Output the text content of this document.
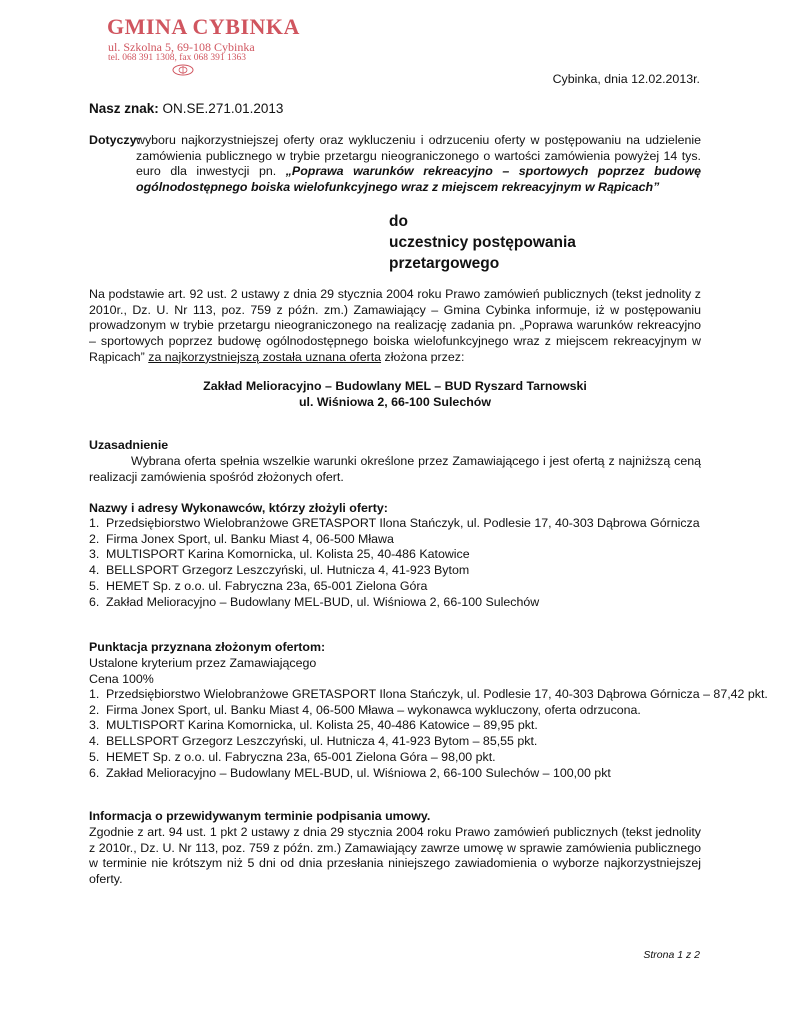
GMINA CYBINKA
ul. Szkolna 5, 69-108 Cybinka
tel. 068 391 1308, fax 068 391 1363
Cybinka, dnia 12.02.2013r.
Nasz znak: ON.SE.271.01.2013
Dotyczy:
wyboru najkorzystniejszej oferty oraz wykluczeniu i odrzuceniu oferty w postępowaniu na udzielenie zamówienia publicznego w trybie przetargu nieograniczonego o wartości zamówienia powyżej 14 tys. euro dla inwestycji pn. „Poprawa warunków rekreacyjno – sportowych poprzez budowę ogólnodostępnego boiska wielofunkcyjnego wraz z miejscem rekreacyjnym w Rąpicach”
do
uczestnicy postępowania
przetargowego
Na podstawie art. 92 ust. 2 ustawy z dnia 29 stycznia 2004 roku Prawo zamówień publicznych (tekst jednolity z 2010r., Dz. U. Nr 113, poz. 759 z późn. zm.) Zamawiający – Gmina Cybinka informuje, iż w postępowaniu prowadzonym w trybie przetargu nieograniczonego na realizację zadania pn. „Poprawa warunków rekreacyjno – sportowych poprzez budowę ogólnodostępnego boiska wielofunkcyjnego wraz z miejscem rekreacyjnym w Rąpicach” za najkorzystniejszą została uznana oferta złożona przez:
Zakład Melioracyjno – Budowlany MEL – BUD Ryszard Tarnowski
ul. Wiśniowa 2, 66-100 Sulechów
Uzasadnienie
Wybrana oferta spełnia wszelkie warunki określone przez Zamawiającego i jest ofertą z najniższą ceną realizacji zamówienia spośród złożonych ofert.
Nazwy i adresy Wykonawców, którzy złożyli oferty:
1. Przedsiębiorstwo Wielobranżowe GRETASPORT Ilona Stańczyk, ul. Podlesie 17, 40-303 Dąbrowa Górnicza
2. Firma Jonex Sport, ul. Banku Miast 4, 06-500 Mława
3. MULTISPORT Karina Komornicka, ul. Kolista 25, 40-486 Katowice
4. BELLSPORT Grzegorz Leszczyński, ul. Hutnicza 4, 41-923 Bytom
5. HEMET Sp. z o.o. ul. Fabryczna 23a, 65-001 Zielona Góra
6. Zakład Melioracyjno – Budowlany MEL-BUD, ul. Wiśniowa 2, 66-100 Sulechów
Punktacja przyznana złożonym ofertom:
Ustalone kryterium przez Zamawiającego
Cena 100%
1. Przedsiębiorstwo Wielobranżowe GRETASPORT Ilona Stańczyk, ul. Podlesie 17, 40-303 Dąbrowa Górnicza – 87,42 pkt.
2. Firma Jonex Sport, ul. Banku Miast 4, 06-500 Mława – wykonawca wykluczony, oferta odrzucona.
3. MULTISPORT Karina Komornicka, ul. Kolista 25, 40-486 Katowice – 89,95 pkt.
4. BELLSPORT Grzegorz Leszczyński, ul. Hutnicza 4, 41-923 Bytom – 85,55 pkt.
5. HEMET Sp. z o.o. ul. Fabryczna 23a, 65-001 Zielona Góra – 98,00 pkt.
6. Zakład Melioracyjno – Budowlany MEL-BUD, ul. Wiśniowa 2, 66-100 Sulechów – 100,00 pkt
Informacja o przewidywanym terminie podpisania umowy.
Zgodnie z art. 94 ust. 1 pkt 2 ustawy z dnia 29 stycznia 2004 roku Prawo zamówień publicznych (tekst jednolity z 2010r., Dz. U. Nr 113, poz. 759 z późn. zm.) Zamawiający zawrze umowę w sprawie zamówienia publicznego w terminie nie krótszym niż 5 dni od dnia przesłania niniejszego zawiadomienia o wyborze najkorzystniejszej oferty.
Strona 1 z 2
